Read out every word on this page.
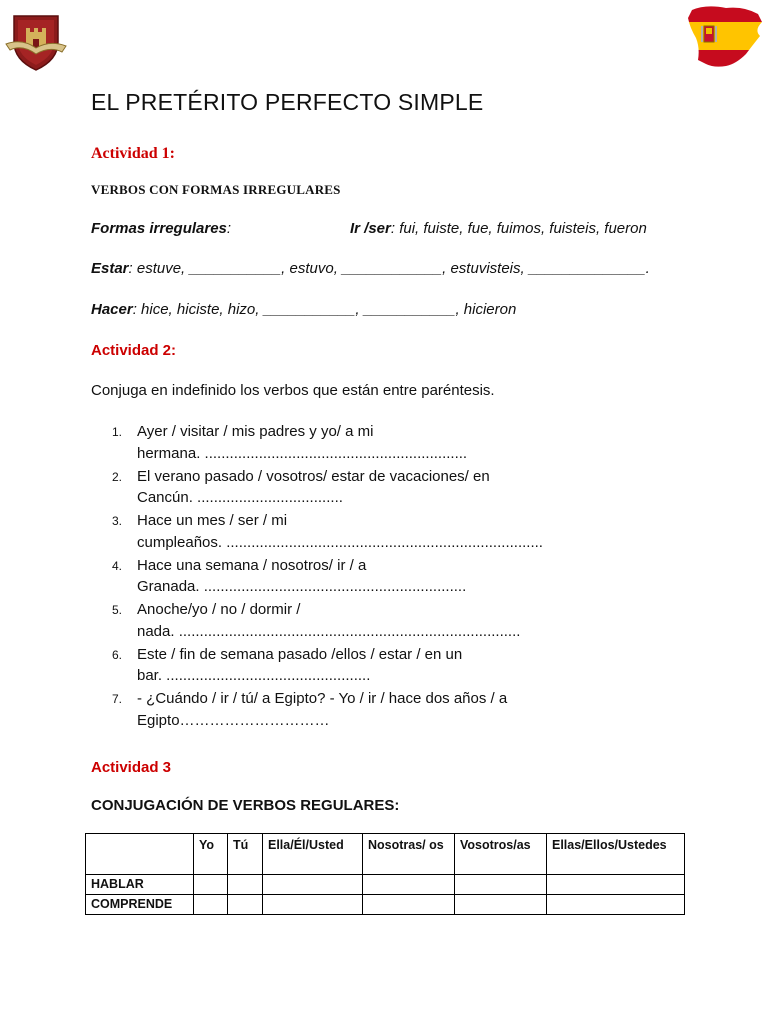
EL PRETÉRITO PERFECTO SIMPLE
Actividad 1:
VERBOS CON FORMAS IRREGULARES
Formas irregulares:	Ir /ser: fui, fuiste, fue, fuimos, fuisteis, fueron
Estar: estuve, ___________, estuvo, ____________, estuvisteis, ______________.
Hacer: hice, hiciste, hizo, ___________, ___________, hicieron
Actividad 2:
Conjuga en indefinido los verbos que están entre paréntesis.
1. Ayer / visitar / mis padres y yo/ a mi
hermana. ...............................................................
2. El verano pasado / vosotros/ estar de vacaciones/ en
Cancún. ...................................
3. Hace un mes / ser / mi
cumpleaños. ............................................................................
4. Hace una semana / nosotros/ ir / a
Granada. ...............................................................
5. Anoche/yo / no / dormir /
nada. ..................................................................................
6. Este / fin de semana pasado /ellos / estar / en un
bar. .................................................
7. - ¿Cuándo / ir / tú/ a Egipto? - Yo / ir / hace dos años / a
Egipto…………………………
Actividad 3
CONJUGACIÓN DE VERBOS REGULARES:
	Yo	Tú	Ella/Él/Usted	Nosotras/ os	Vosotros/as	Ellas/Ellos/Ustedes
HABLAR						
COMPRENDE						
